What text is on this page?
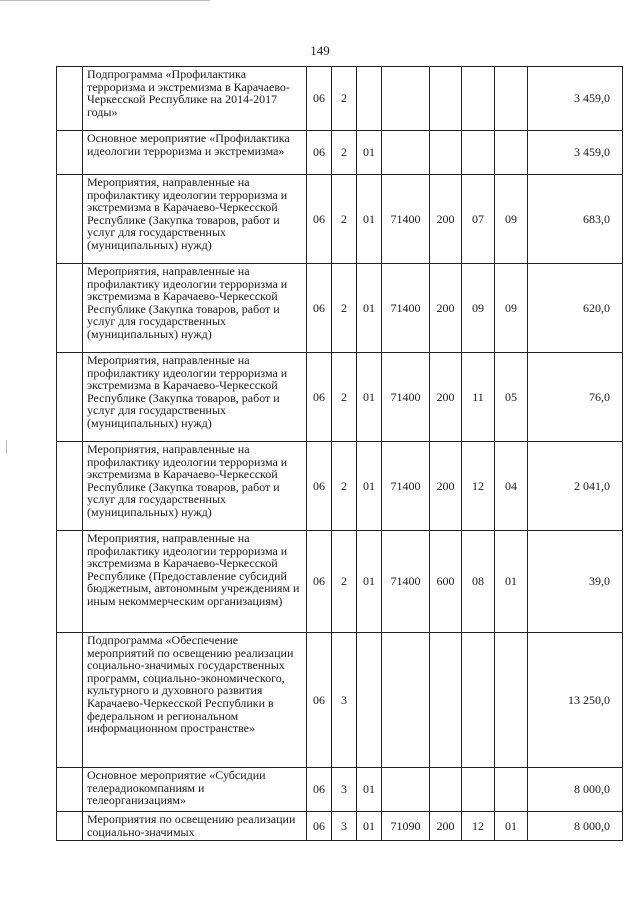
149
	Подпрограмма «Профилактика терроризма и экстремизма в Карачаево-Черкесской Республике на 2014-2017 годы»	06	2						3 459,0
	Основное мероприятие «Профилактика идеологии терроризма и экстремизма»	06	2	01					3 459,0
	Мероприятия, направленные на профилактику идеологии терроризма и экстремизма в Карачаево-Черкесской Республике (Закупка товаров, работ и услуг для государственных (муниципальных) нужд)	06	2	01	71400	200	07	09	683,0
	Мероприятия, направленные на профилактику идеологии терроризма и экстремизма в Карачаево-Черкесской Республике (Закупка товаров, работ и услуг для государственных (муниципальных) нужд)	06	2	01	71400	200	09	09	620,0
	Мероприятия, направленные на профилактику идеологии терроризма и экстремизма в Карачаево-Черкесской Республике (Закупка товаров, работ и услуг для государственных (муниципальных) нужд)	06	2	01	71400	200	11	05	76,0
	Мероприятия, направленные на профилактику идеологии терроризма и экстремизма в Карачаево-Черкесской Республике (Закупка товаров, работ и услуг для государственных (муниципальных) нужд)	06	2	01	71400	200	12	04	2 041,0
	Мероприятия, направленные на профилактику идеологии терроризма и экстремизма в Карачаево-Черкесской Республике (Предоставление субсидий бюджетным, автономным учреждениям и иным некоммерческим организациям)	06	2	01	71400	600	08	01	39,0
	Подпрограмма «Обеспечение мероприятий по освещению реализации социально-значимых государственных программ, социально-экономического, культурного и духовного развития Карачаево-Черкесской Республики в федеральном и региональном информационном пространстве»	06	3						13 250,0
	Основное мероприятие «Субсидии телерадиокомпаниям и телеорганизациям»	06	3	01					8 000,0
	Мероприятия по освещению реализации социально-значимых	06	3	01	71090	200	12	01	8 000,0
